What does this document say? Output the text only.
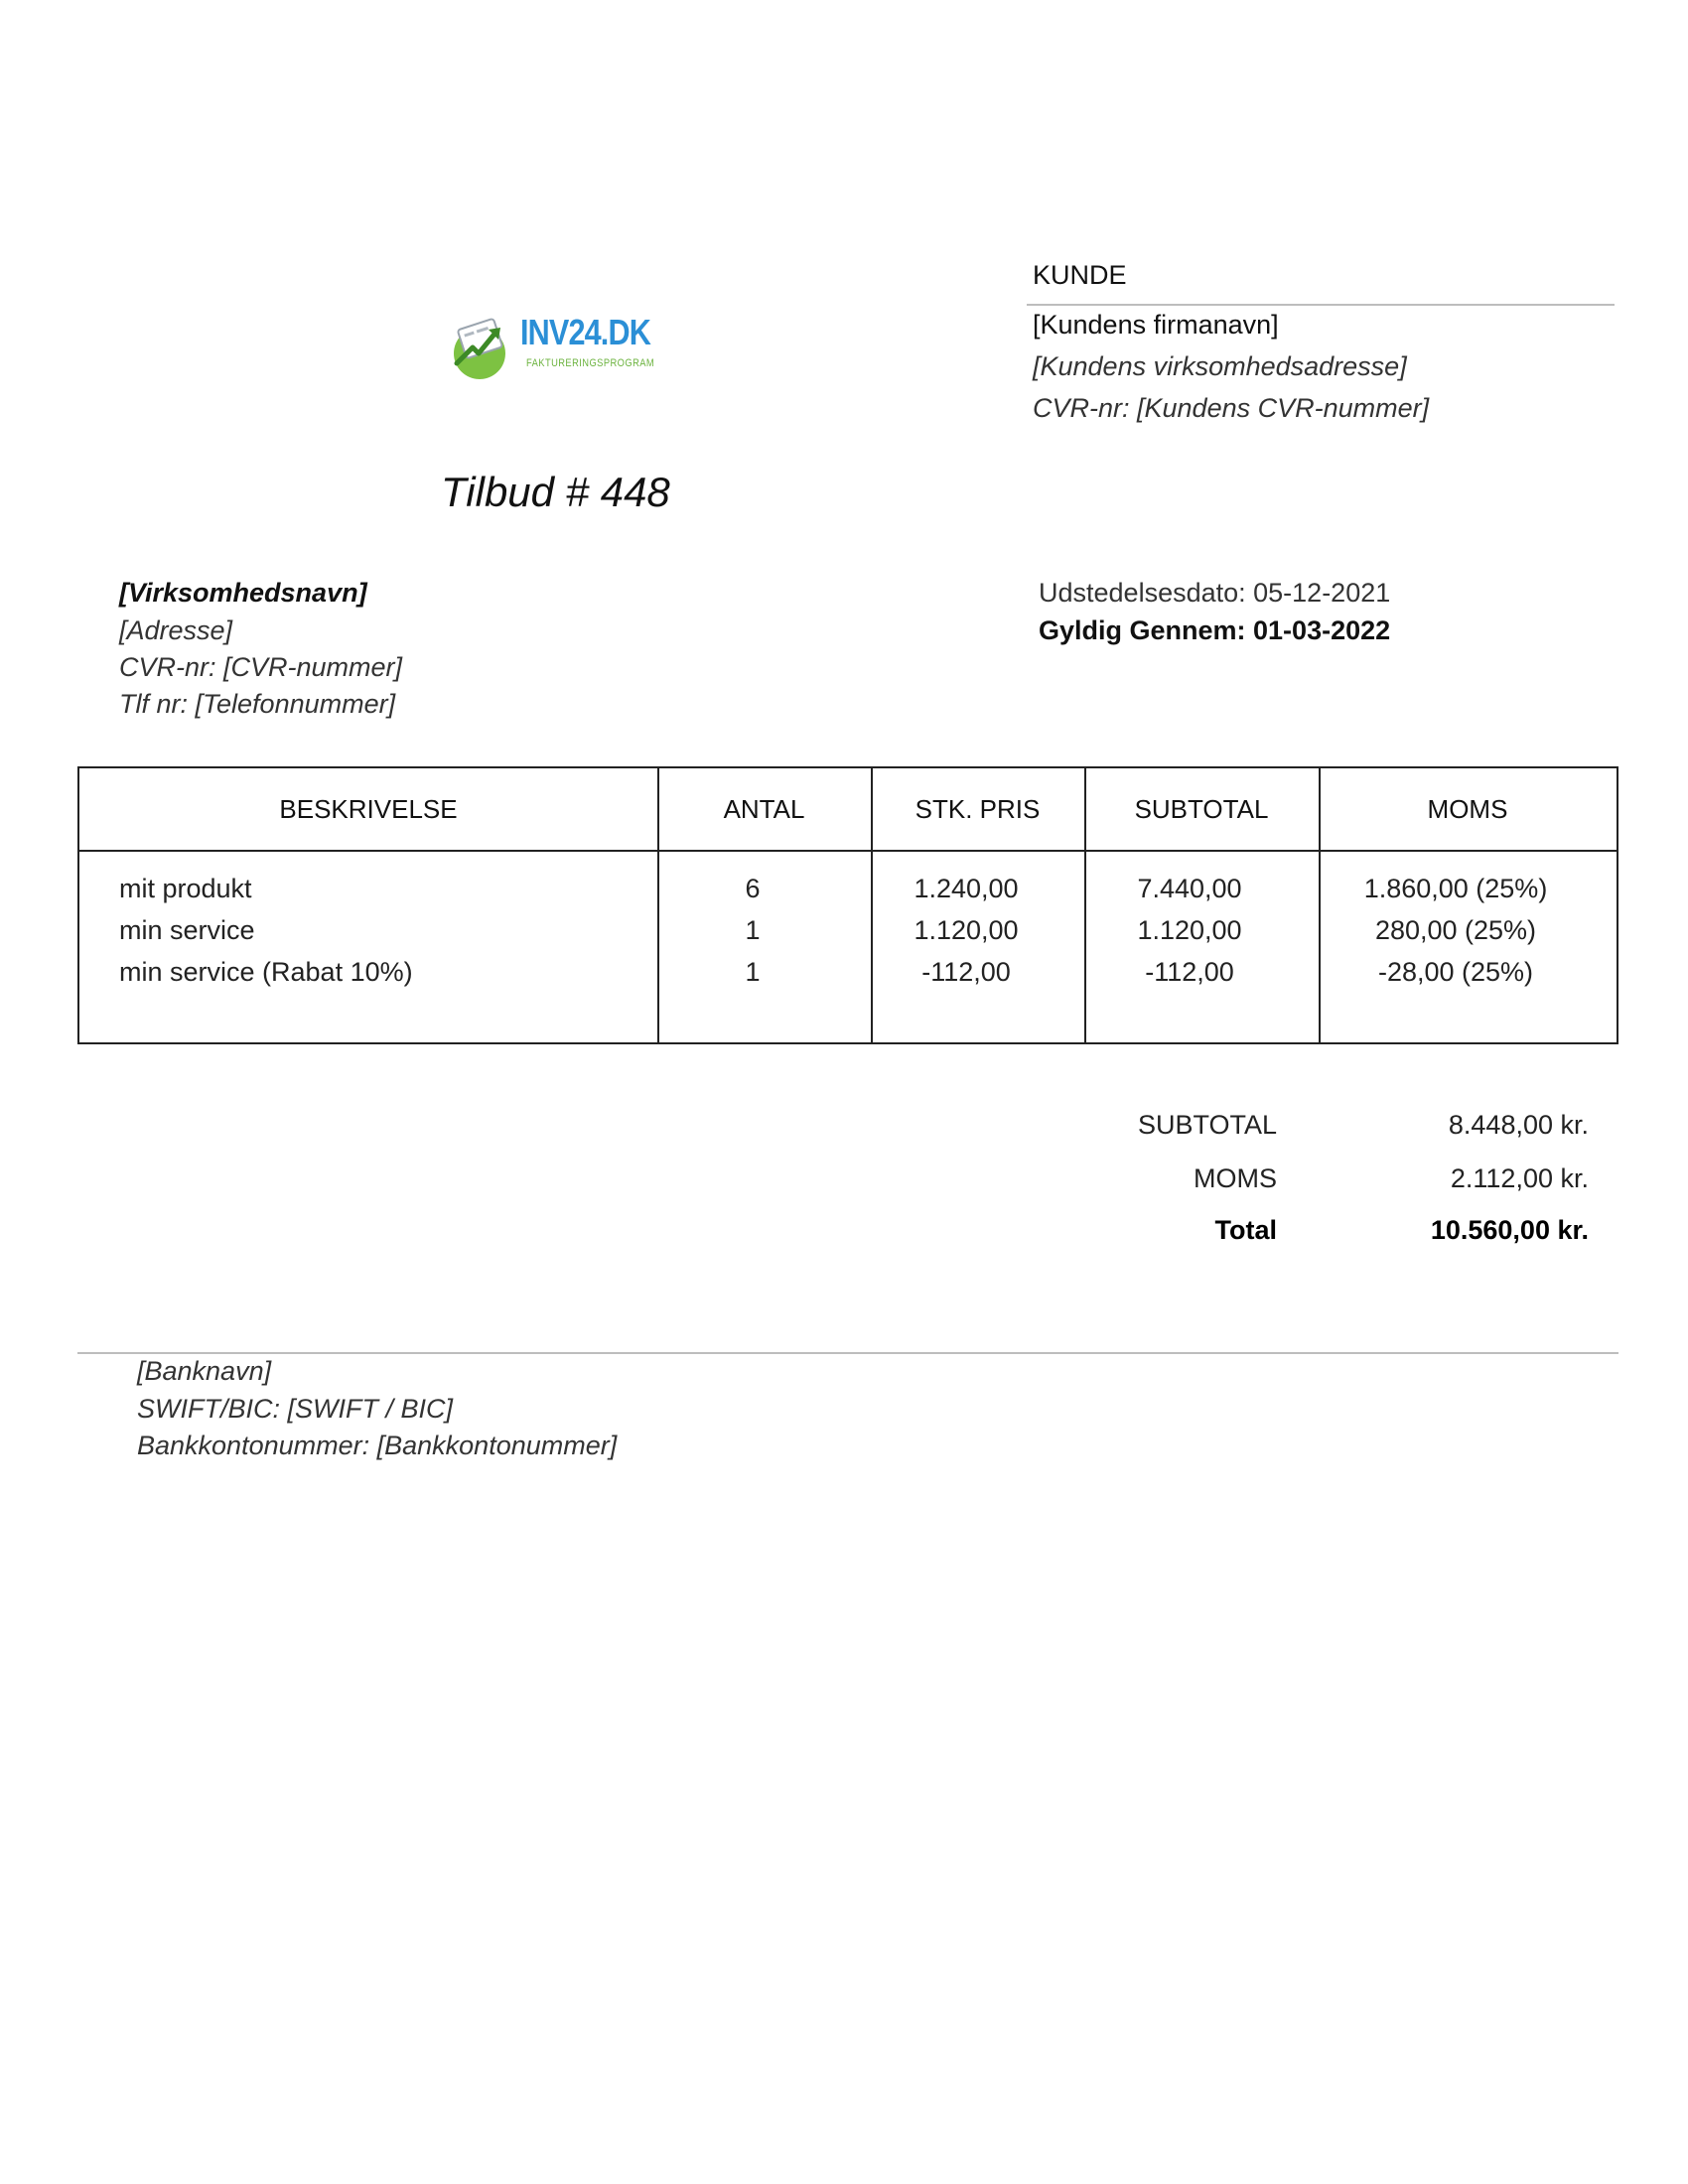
INV24.DK
FAKTURERINGSPROGRAM
Tilbud # 448
KUNDE
[Kundens firmanavn]
[Kundens virksomhedsadresse]
CVR-nr: [Kundens CVR-nummer]
[Virksomhedsnavn]
[Adresse]
CVR-nr: [CVR-nummer]
Tlf nr: [Telefonnummer]
Udstedelsesdato: 05-12-2021
Gyldig Gennem: 01-03-2022
BESKRIVELSE	ANTAL	STK. PRIS	SUBTOTAL	MOMS
mit produkt	6	1.240,00	7.440,00	1.860,00 (25%)
min service	1	1.120,00	1.120,00	280,00 (25%)
min service (Rabat 10%)	1	-112,00	-112,00	-28,00 (25%)
SUBTOTAL	8.448,00 kr.
MOMS	2.112,00 kr.
Total	10.560,00 kr.
[Banknavn]
SWIFT/BIC: [SWIFT / BIC]
Bankkontonummer: [Bankkontonummer]
